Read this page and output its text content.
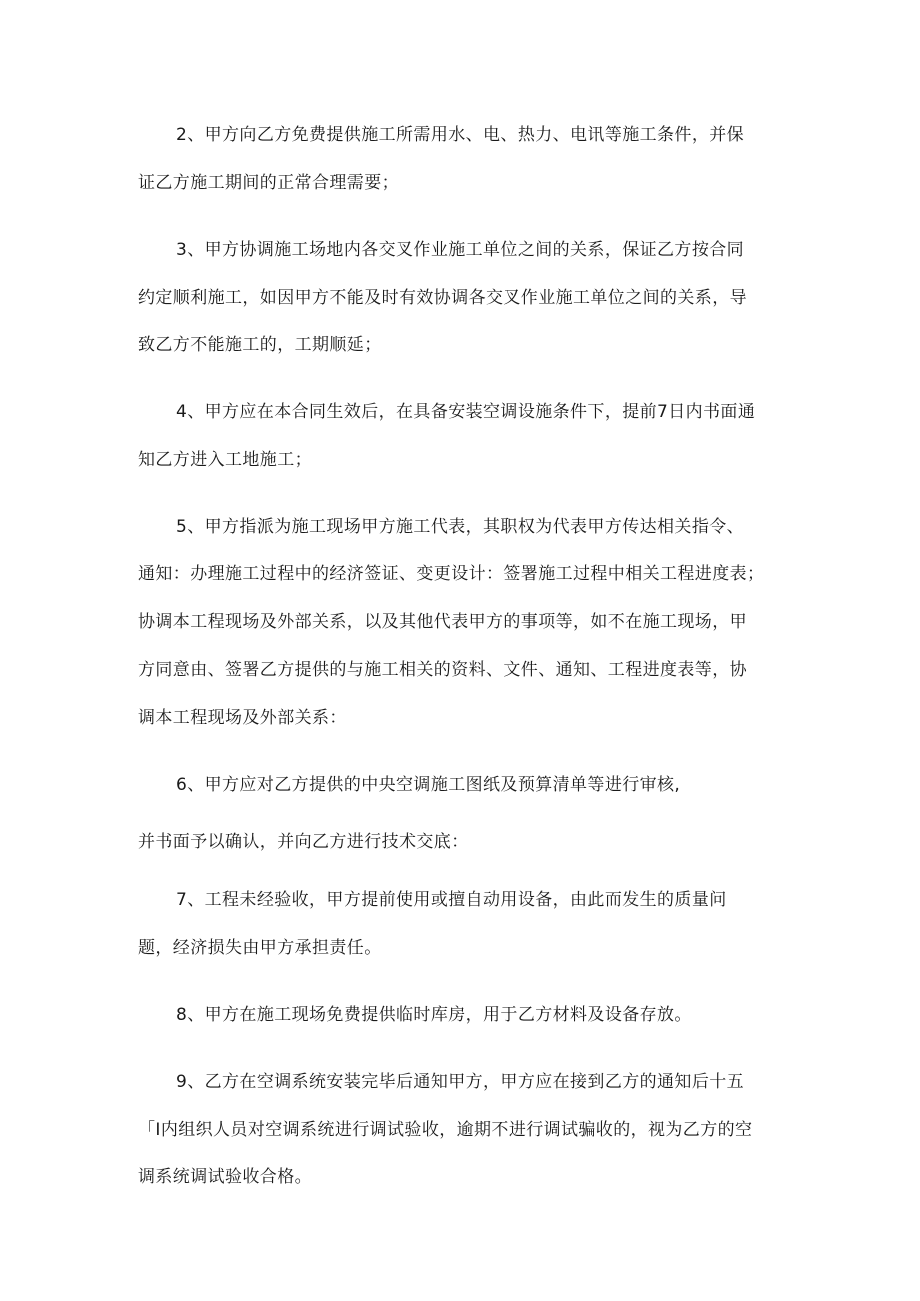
2、甲方向乙方免费提供施工所需用水、电、热力、电讯等施工条件，并保
证乙方施工期间的正常合理需要；
3、甲方协调施工场地内各交叉作业施工单位之间的关系，保证乙方按合同
约定顺利施工，如因甲方不能及时有效协调各交叉作业施工单位之间的关系，导
致乙方不能施工的，工期顺延；
4、甲方应在本合同生效后，在具备安装空调设施条件下，提前7日内书面通
知乙方进入工地施工；
5、甲方指派为施工现场甲方施工代表，其职权为代表甲方传达相关指令、
通知：办理施工过程中的经济签证、变更设计：签署施工过程中相关工程进度表；
协调本工程现场及外部关系，以及其他代表甲方的事项等，如不在施工现场，甲
方同意由、签署乙方提供的与施工相关的资料、文件、通知、工程进度表等，协
调本工程现场及外部关系：
6、甲方应对乙方提供的中央空调施工图纸及预算清单等进行审核,
并书面予以确认，并向乙方进行技术交底：
7、工程未经验收，甲方提前使用或擅自动用设备，由此而发生的质量问
题，经济损失由甲方承担责任。
8、甲方在施工现场免费提供临时库房，用于乙方材料及设备存放。
9、乙方在空调系统安装完毕后通知甲方，甲方应在接到乙方的通知后十五
「I内组织人员对空调系统进行调试验收，逾期不进行调试骗收的，视为乙方的空
调系统调试验收合格。
